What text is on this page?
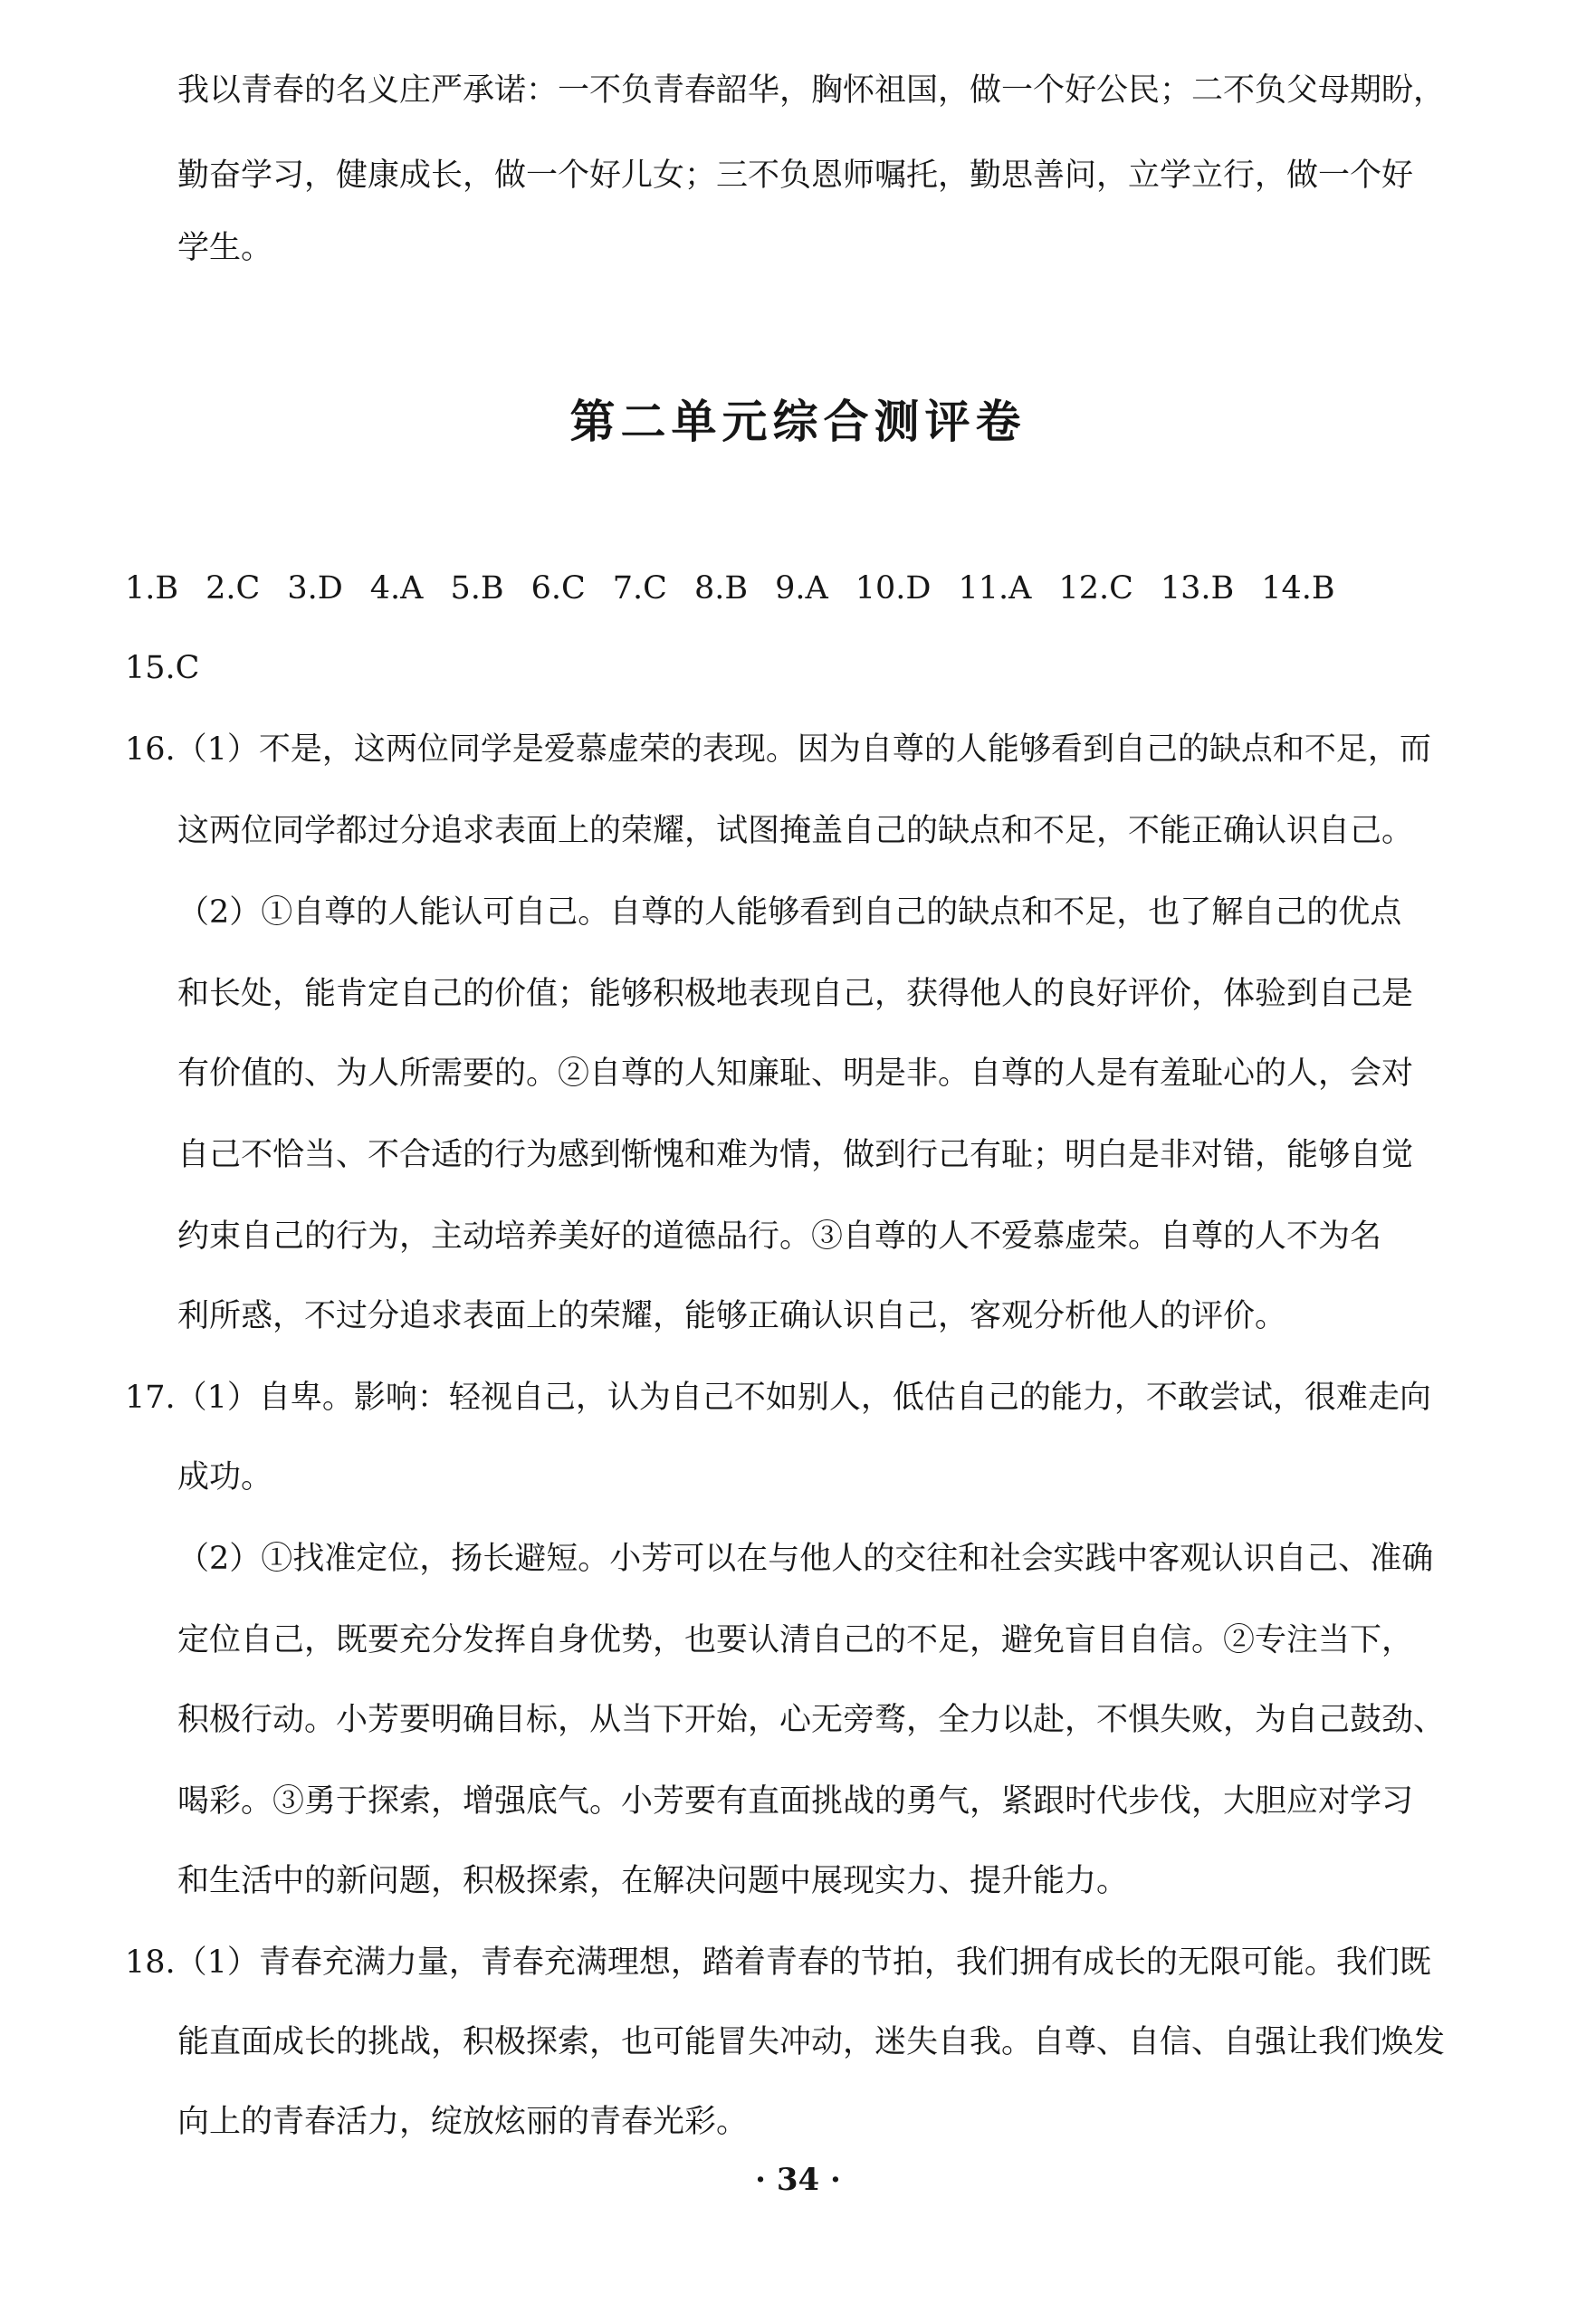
我以青春的名义庄严承诺：一不负青春韶华，胸怀祖国，做一个好公民；二不负父母期盼，
勤奋学习，健康成长，做一个好儿女；三不负恩师嘱托，勤思善问，立学立行，做一个好
学生。
第二单元综合测评卷
1.B 2.C 3.D 4.A 5.B 6.C 7.C 8.B 9.A 10.D 11.A 12.C 13.B 14.B
15.C
16.（1）不是，这两位同学是爱慕虚荣的表现。因为自尊的人能够看到自己的缺点和不足，而
这两位同学都过分追求表面上的荣耀，试图掩盖自己的缺点和不足，不能正确认识自己。
（2）①自尊的人能认可自己。自尊的人能够看到自己的缺点和不足，也了解自己的优点
和长处，能肯定自己的价值；能够积极地表现自己，获得他人的良好评价，体验到自己是
有价值的、为人所需要的。②自尊的人知廉耻、明是非。自尊的人是有羞耻心的人，会对
自己不恰当、不合适的行为感到惭愧和难为情，做到行己有耻；明白是非对错，能够自觉
约束自己的行为，主动培养美好的道德品行。③自尊的人不爱慕虚荣。自尊的人不为名
利所惑，不过分追求表面上的荣耀，能够正确认识自己，客观分析他人的评价。
17.（1）自卑。影响：轻视自己，认为自己不如别人，低估自己的能力，不敢尝试，很难走向
成功。
（2）①找准定位，扬长避短。小芳可以在与他人的交往和社会实践中客观认识自己、准确
定位自己，既要充分发挥自身优势，也要认清自己的不足，避免盲目自信。②专注当下，
积极行动。小芳要明确目标，从当下开始，心无旁骛，全力以赴，不惧失败，为自己鼓劲、
喝彩。③勇于探索，增强底气。小芳要有直面挑战的勇气，紧跟时代步伐，大胆应对学习
和生活中的新问题，积极探索，在解决问题中展现实力、提升能力。
18.（1）青春充满力量，青春充满理想，踏着青春的节拍，我们拥有成长的无限可能。我们既
能直面成长的挑战，积极探索，也可能冒失冲动，迷失自我。自尊、自信、自强让我们焕发
向上的青春活力，绽放炫丽的青春光彩。
· 34 ·
